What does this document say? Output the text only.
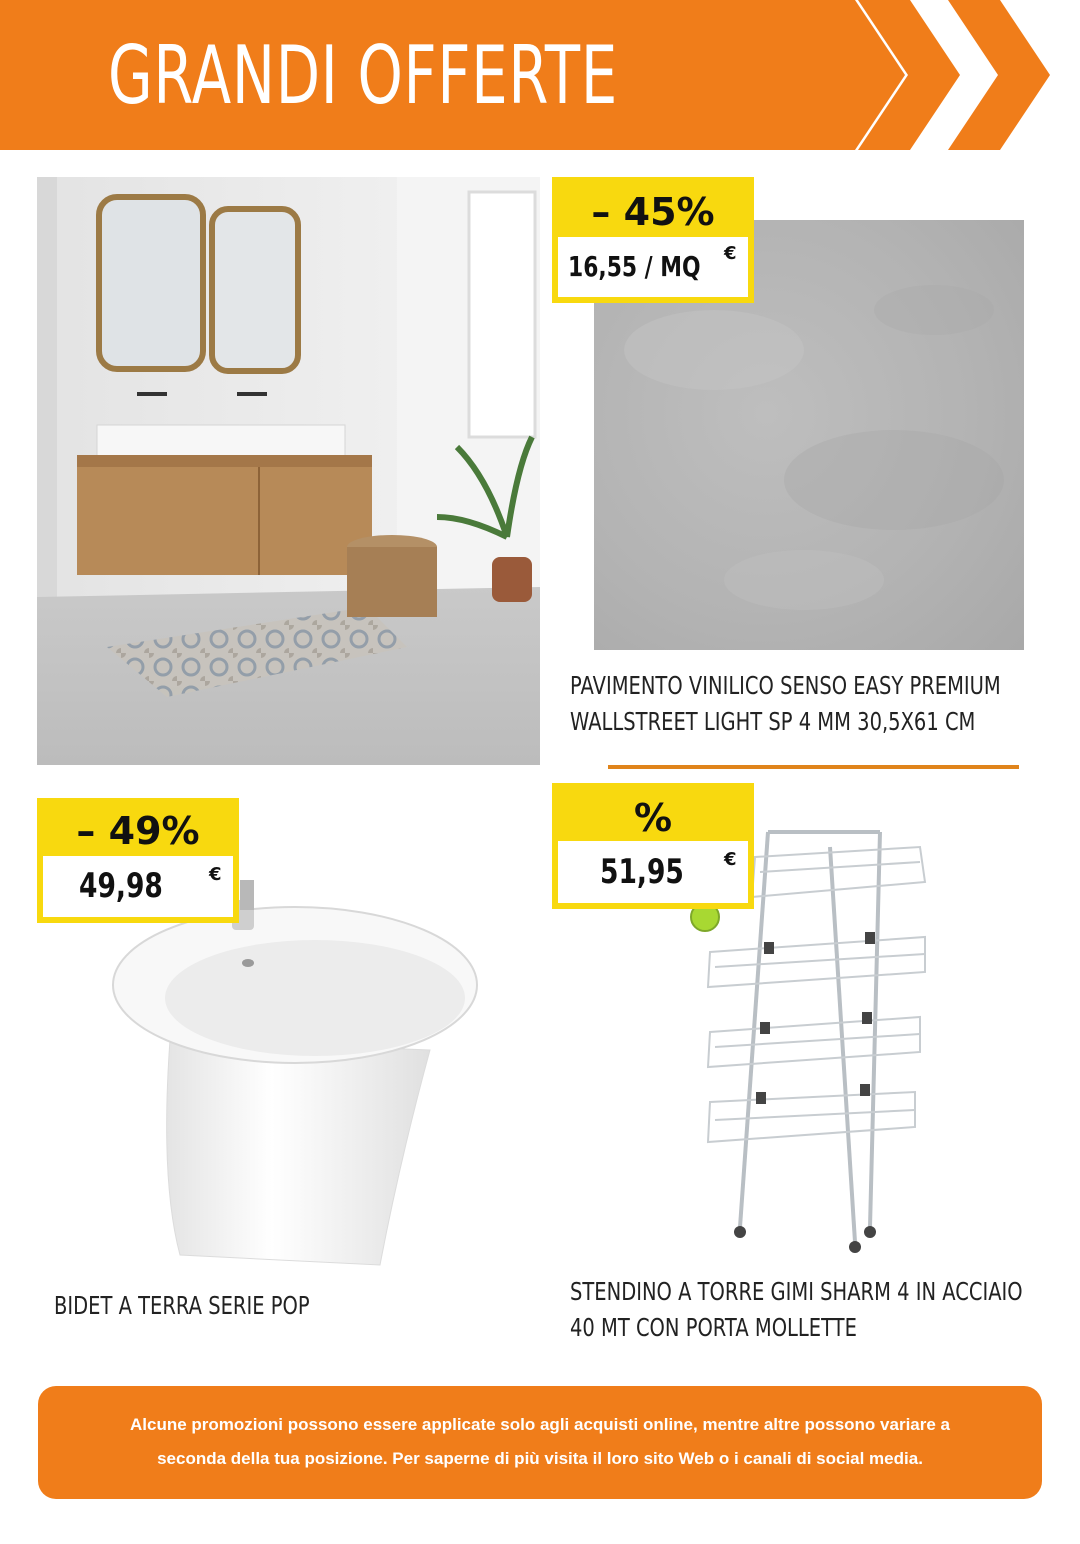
GRANDI OFFERTE
– 45%
16,55 / MQ €
– 49%
49,98	€
%
51,95 €
PAVIMENTO VINILICO SENSO EASY PREMIUM
WALLSTREET LIGHT SP 4 MM 30,5X61 CM
BIDET A TERRA SERIE POP	STENDINO A TORRE GIMI SHARM 4 IN ACCIAIO
40 MT CON PORTA MOLLETTE
Alcune promozioni possono essere applicate solo agli acquisti online, mentre altre possono variare a
seconda della tua posizione. Per saperne di più visita il loro sito Web o i canali di social media.
